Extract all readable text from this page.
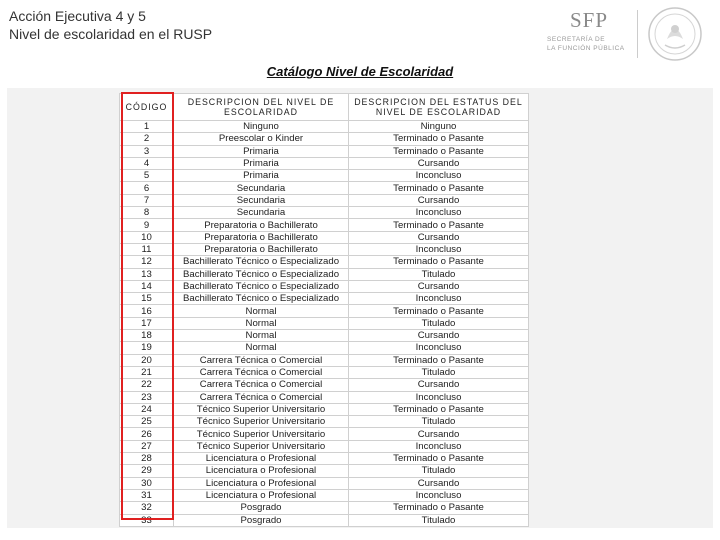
Acción Ejecutiva 4 y 5
Nivel de escolaridad en el RUSP
SFP
SECRETARÍA DE
LA FUNCIÓN PÚBLICA
Catálogo Nivel de Escolaridad
CÓDIGO	DESCRIPCION DEL NIVEL DE ESCOLARIDAD	DESCRIPCION DEL ESTATUS DEL NIVEL DE ESCOLARIDAD
1	Ninguno	Ninguno
2	Preescolar o Kinder	Terminado o Pasante
3	Primaria	Terminado o Pasante
4	Primaria	Cursando
5	Primaria	Inconcluso
6	Secundaria	Terminado o Pasante
7	Secundaria	Cursando
8	Secundaria	Inconcluso
9	Preparatoria o Bachillerato	Terminado o Pasante
10	Preparatoria o Bachillerato	Cursando
11	Preparatoria o Bachillerato	Inconcluso
12	Bachillerato Técnico o Especializado	Terminado o Pasante
13	Bachillerato Técnico o Especializado	Titulado
14	Bachillerato Técnico o Especializado	Cursando
15	Bachillerato Técnico o Especializado	Inconcluso
16	Normal	Terminado o Pasante
17	Normal	Titulado
18	Normal	Cursando
19	Normal	Inconcluso
20	Carrera Técnica o Comercial	Terminado o Pasante
21	Carrera Técnica o Comercial	Titulado
22	Carrera Técnica o Comercial	Cursando
23	Carrera Técnica o Comercial	Inconcluso
24	Técnico Superior Universitario	Terminado o Pasante
25	Técnico Superior Universitario	Titulado
26	Técnico Superior Universitario	Cursando
27	Técnico Superior Universitario	Inconcluso
28	Licenciatura o Profesional	Terminado o Pasante
29	Licenciatura o Profesional	Titulado
30	Licenciatura o Profesional	Cursando
31	Licenciatura o Profesional	Inconcluso
32	Posgrado	Terminado o Pasante
33	Posgrado	Titulado
